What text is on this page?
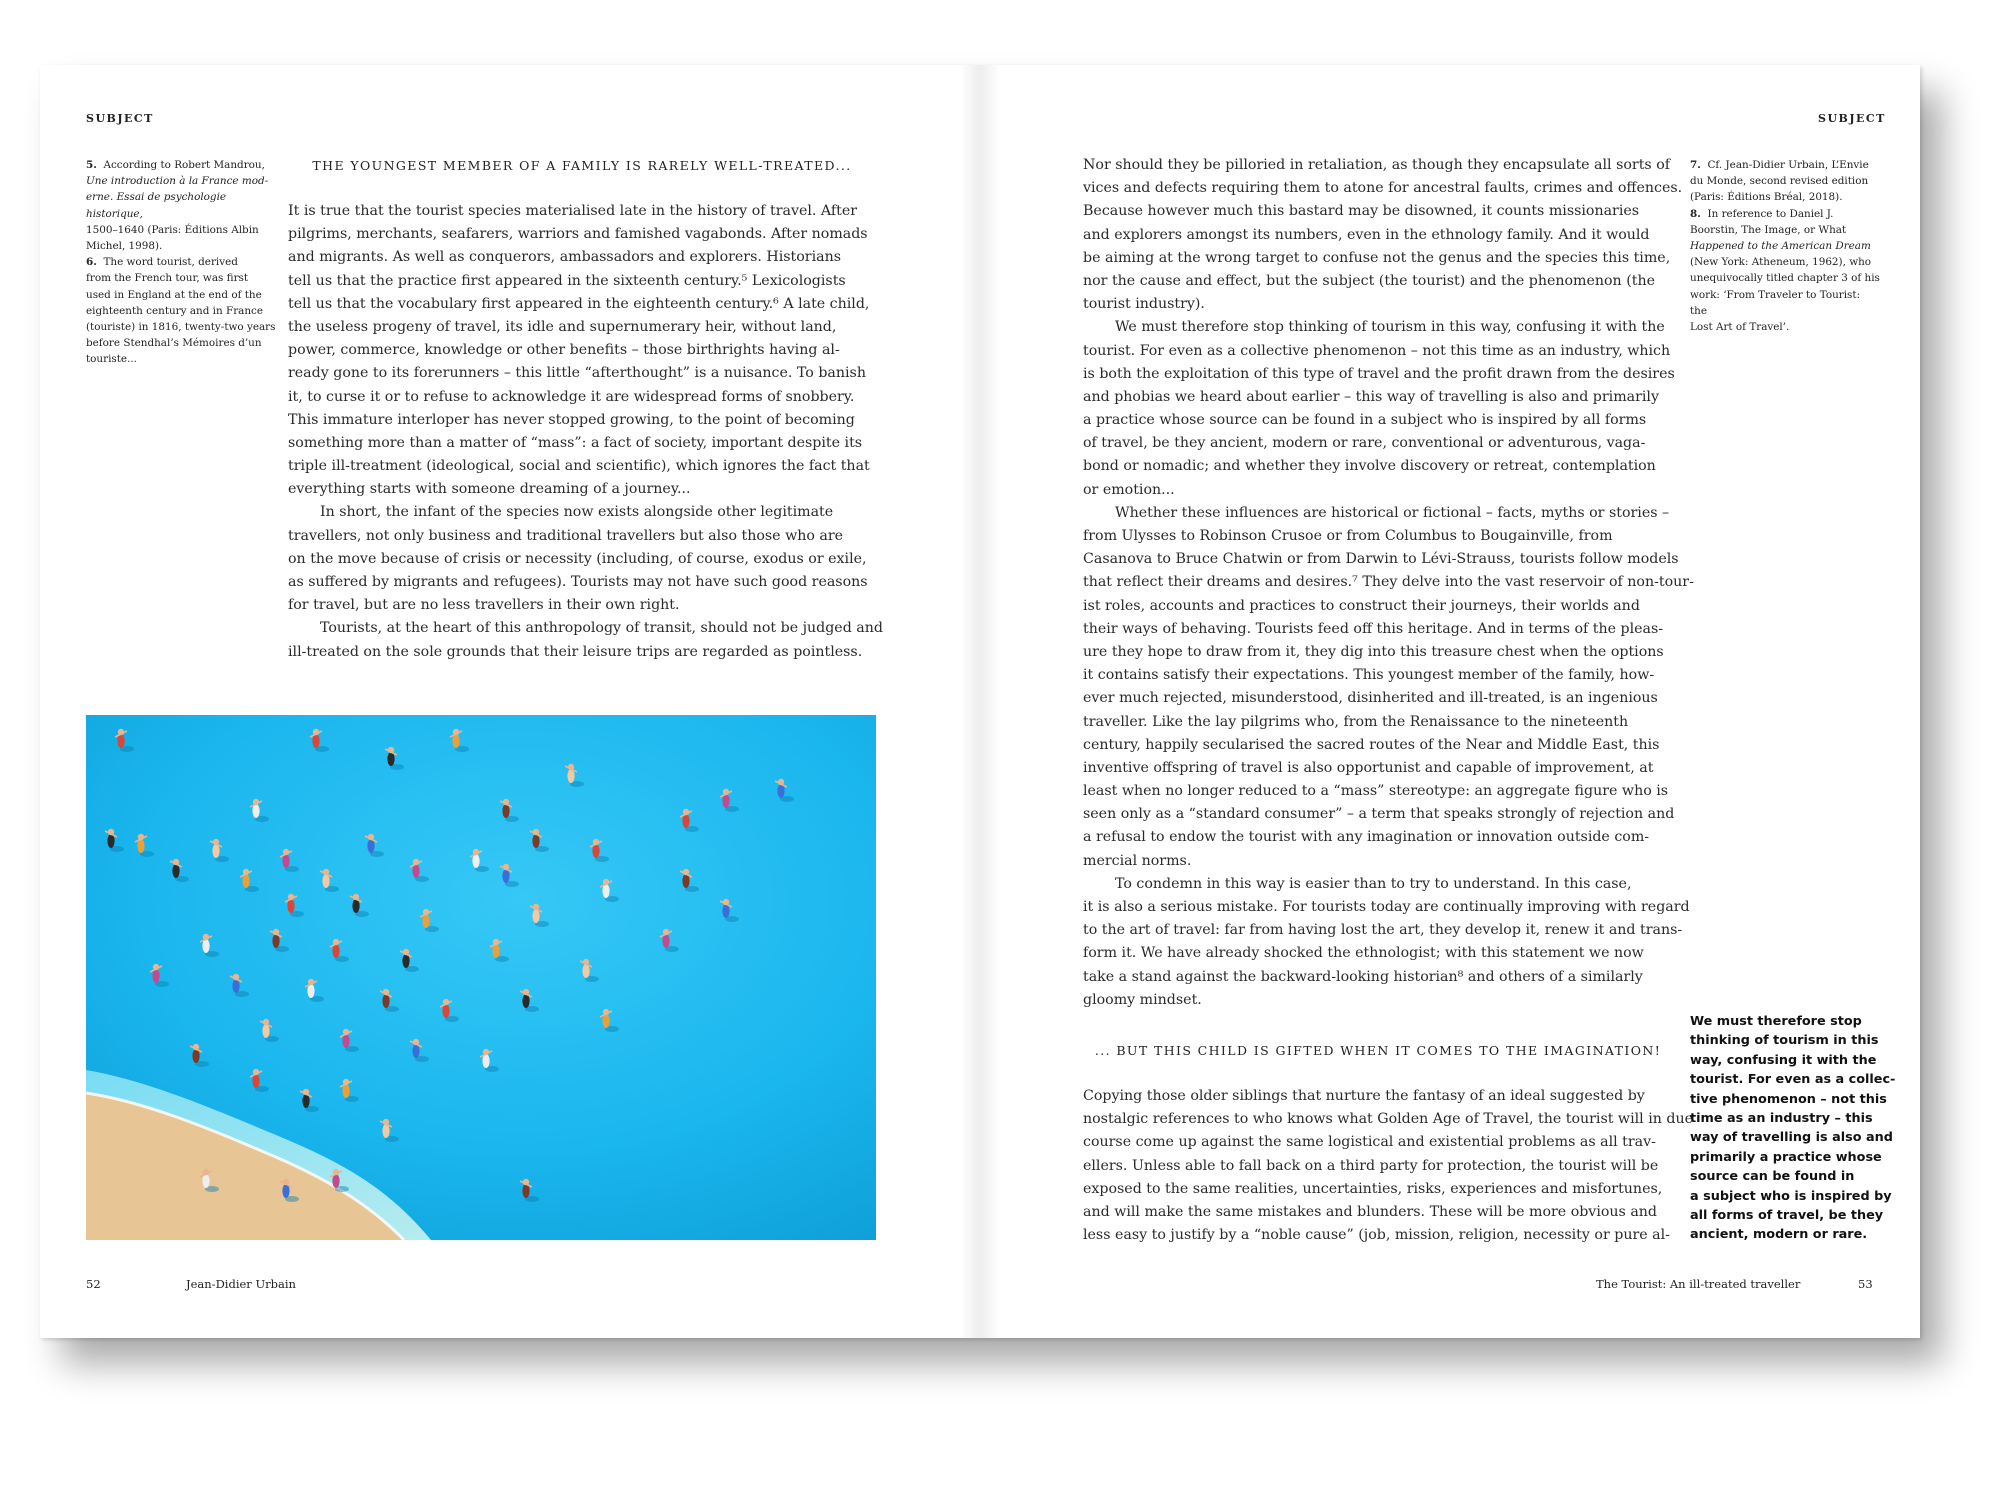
SUBJECT

5. According to Robert Mandrou,

Une introduction à la France mod-

erne. Essai de psychologie historique,

1500–1640 (Paris: Éditions Albin

Michel, 1998).

6. The word tourist, derived

from the French tour, was first

used in England at the end of the

eighteenth century and in France

(touriste) in 1816, twenty-two years

before Stendhal’s Mémoires d’un

touriste...

THE YOUNGEST MEMBER OF A FAMILY IS RARELY WELL-TREATED...
It is true that the tourist species materialised late in the history of travel. After
pilgrims, merchants, seafarers, warriors and famished vagabonds. After nomads
and migrants. As well as conquerors, ambassadors and explorers. Historians
tell us that the practice first appeared in the sixteenth century.⁵ Lexicologists
tell us that the vocabulary first appeared in the eighteenth century.⁶ A late child,
the useless progeny of travel, its idle and supernumerary heir, without land,
power, commerce, knowledge or other benefits – those birthrights having al-
ready gone to its forerunners – this little “afterthought” is a nuisance. To banish
it, to curse it or to refuse to acknowledge it are widespread forms of snobbery.
This immature interloper has never stopped growing, to the point of becoming
something more than a matter of “mass”: a fact of society, important despite its
triple ill-treatment (ideological, social and scientific), which ignores the fact that
everything starts with someone dreaming of a journey...
In short, the infant of the species now exists alongside other legitimate
travellers, not only business and traditional travellers but also those who are
on the move because of crisis or necessity (including, of course, exodus or exile,
as suffered by migrants and refugees). Tourists may not have such good reasons
for travel, but are no less travellers in their own right.
Tourists, at the heart of this anthropology of transit, should not be judged and
ill-treated on the sole grounds that their leisure trips are regarded as pointless.
52	Jean-Didier Urbain
SUBJECT
Nor should they be pilloried in retaliation, as though they encapsulate all sorts of
vices and defects requiring them to atone for ancestral faults, crimes and offences.
Because however much this bastard may be disowned, it counts missionaries
and explorers amongst its numbers, even in the ethnology family. And it would
be aiming at the wrong target to confuse not the genus and the species this time,
nor the cause and effect, but the subject (the tourist) and the phenomenon (the
tourist industry).
We must therefore stop thinking of tourism in this way, confusing it with the
tourist. For even as a collective phenomenon – not this time as an industry, which
is both the exploitation of this type of travel and the profit drawn from the desires
and phobias we heard about earlier – this way of travelling is also and primarily
a practice whose source can be found in a subject who is inspired by all forms
of travel, be they ancient, modern or rare, conventional or adventurous, vaga-
bond or nomadic; and whether they involve discovery or retreat, contemplation
or emotion...
Whether these influences are historical or fictional – facts, myths or stories –
from Ulysses to Robinson Crusoe or from Columbus to Bougainville, from
Casanova to Bruce Chatwin or from Darwin to Lévi-Strauss, tourists follow models
that reflect their dreams and desires.⁷ They delve into the vast reservoir of non-tour-
ist roles, accounts and practices to construct their journeys, their worlds and
their ways of behaving. Tourists feed off this heritage. And in terms of the pleas-
ure they hope to draw from it, they dig into this treasure chest when the options
it contains satisfy their expectations. This youngest member of the family, how-
ever much rejected, misunderstood, disinherited and ill-treated, is an ingenious
traveller. Like the lay pilgrims who, from the Renaissance to the nineteenth
century, happily secularised the sacred routes of the Near and Middle East, this
inventive offspring of travel is also opportunist and capable of improvement, at
least when no longer reduced to a “mass” stereotype: an aggregate figure who is
seen only as a “standard consumer” – a term that speaks strongly of rejection and
a refusal to endow the tourist with any imagination or innovation outside com-
mercial norms.
To condemn in this way is easier than to try to understand. In this case,
it is also a serious mistake. For tourists today are continually improving with regard
to the art of travel: far from having lost the art, they develop it, renew it and trans-
form it. We have already shocked the ethnologist; with this statement we now
take a stand against the backward-looking historian⁸ and others of a similarly
gloomy mindset.
... BUT THIS CHILD IS GIFTED WHEN IT COMES TO THE IMAGINATION!
Copying those older siblings that nurture the fantasy of an ideal suggested by
nostalgic references to who knows what Golden Age of Travel, the tourist will in due
course come up against the same logistical and existential problems as all trav-
ellers. Unless able to fall back on a third party for protection, the tourist will be
exposed to the same realities, uncertainties, risks, experiences and misfortunes,
and will make the same mistakes and blunders. These will be more obvious and
less easy to justify by a “noble cause” (job, mission, religion, necessity or pure al-

7. Cf. Jean-Didier Urbain, L’Envie

du Monde, second revised edition

(Paris: Éditions Bréal, 2018).

8. In reference to Daniel J.

Boorstin, The Image, or What

Happened to the American Dream

(New York: Atheneum, 1962), who

unequivocally titled chapter 3 of his

work: ‘From Traveler to Tourist: the

Lost Art of Travel’.

We must therefore stop
thinking of tourism in this
way, confusing it with the
tourist. For even as a collec-
tive phenomenon – not this
time as an industry – this
way of travelling is also and
primarily a practice whose
source can be found in
a subject who is inspired by
all forms of travel, be they
ancient, modern or rare.
The Tourist: An ill-treated traveller	53
